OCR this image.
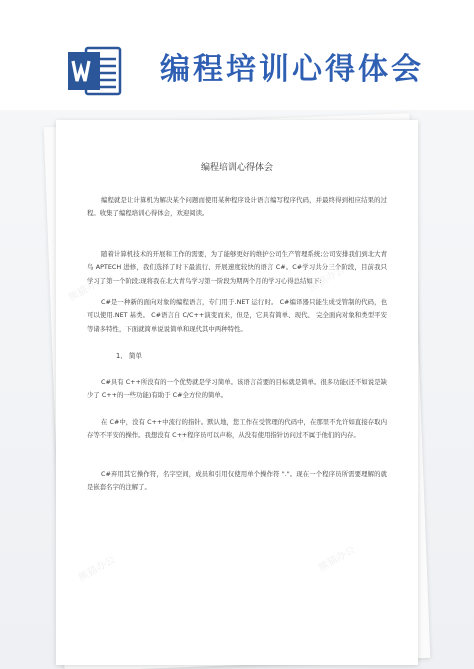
编程培训心得体会
编程培训心得体会
编程就是让计算机为解决某个问题而使用某种程序设计语言编写程序代码，并最终得到相应结果的过程。收集了编程培训心得体会，欢迎阅读。
随着计算机技术的开展和工作的需要，为了能够更好的维护公司生产管理系统;公司安排我们到北大青鸟 APTECH 进修，我们选择了时下最流行、开展速度较快的语言 C#。C#学习共分三个阶段，目前我只学习了第一个阶段;现将我在北大青鸟学习第一阶段为期两个月的学习心得总结如下:
C#是一种新的面向对象的编程语言，专门用于.NET 运行时。 C#编译器只能生成受管制的代码，也可以使用.NET 基类。 C#语言自 C/C++演变而来，但是，它具有简单、现代、 完全面向对象和类型平安等诸多特性，下面就简单说说简单和现代其中两种特性。
1、 简单
C#具有 C++所没有的一个优势就是学习简单。该语言首要的目标就是简单。很多功能(还不如说是缺少了 C++的一些功能)有助于 C#全方位的简单。
在 C#中，没有 C++中流行的指针。默认地，您工作在受管理的代码中，在那里不允许如直接存取内存等不平安的操作。我想没有 C++程序员可以声称，从没有使用指针访问过不属于他们的内存。
C#弃用其它操作符，名字空间，成员和引用仅使用单个操作符 "."。现在一个程序员所需要理解的就是嵌套名字的注解了。
熊猫办公	熊猫办公
熊猫办公
熊猫办公	熊猫办公
